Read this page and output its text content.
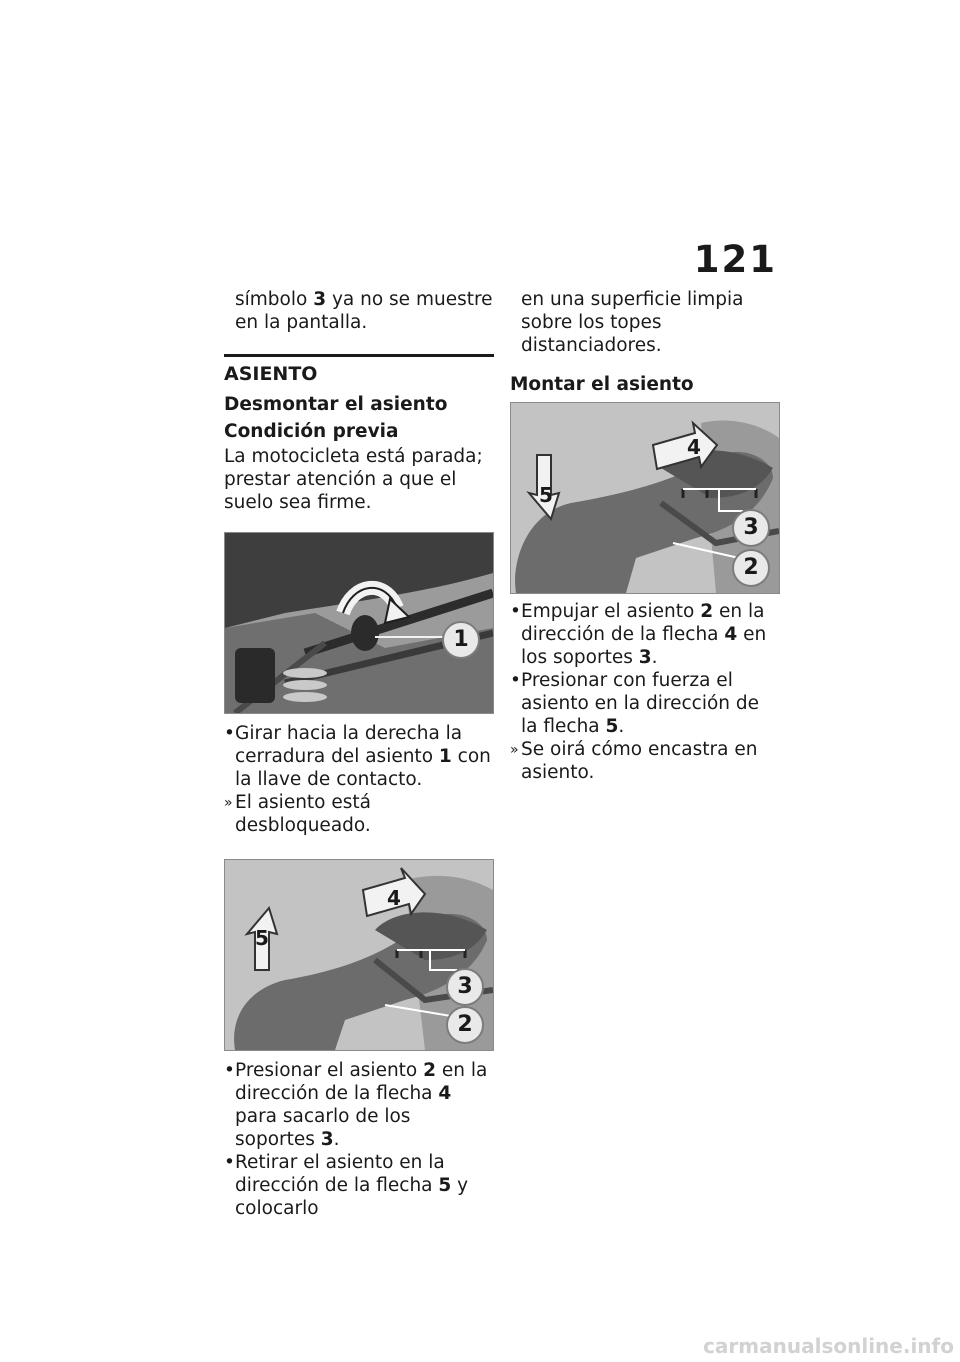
121

símbolo 3 ya no se muestre en la pantalla.

ASIENTO

Desmontar el asiento

Condición previa

La motocicleta está parada; prestar atención a que el suelo sea firme.

1
• Girar hacia la derecha la cerradura del asiento 1 con la llave de contacto.
» El asiento está desbloqueado.
3
2
4
5
• Presionar el asiento 2 en la dirección de la flecha 4 para sacarlo de los soportes 3.
• Retirar el asiento en la dirección de la flecha 5 y colocarlo

en una superficie limpia sobre los topes distanciadores.

Montar el asiento

3
2
4
5
• Empujar el asiento 2 en la dirección de la flecha 4 en los soportes 3.
• Presionar con fuerza el asiento en la dirección de la flecha 5.
» Se oirá cómo encastra en asiento.
carmanualsonline.info
